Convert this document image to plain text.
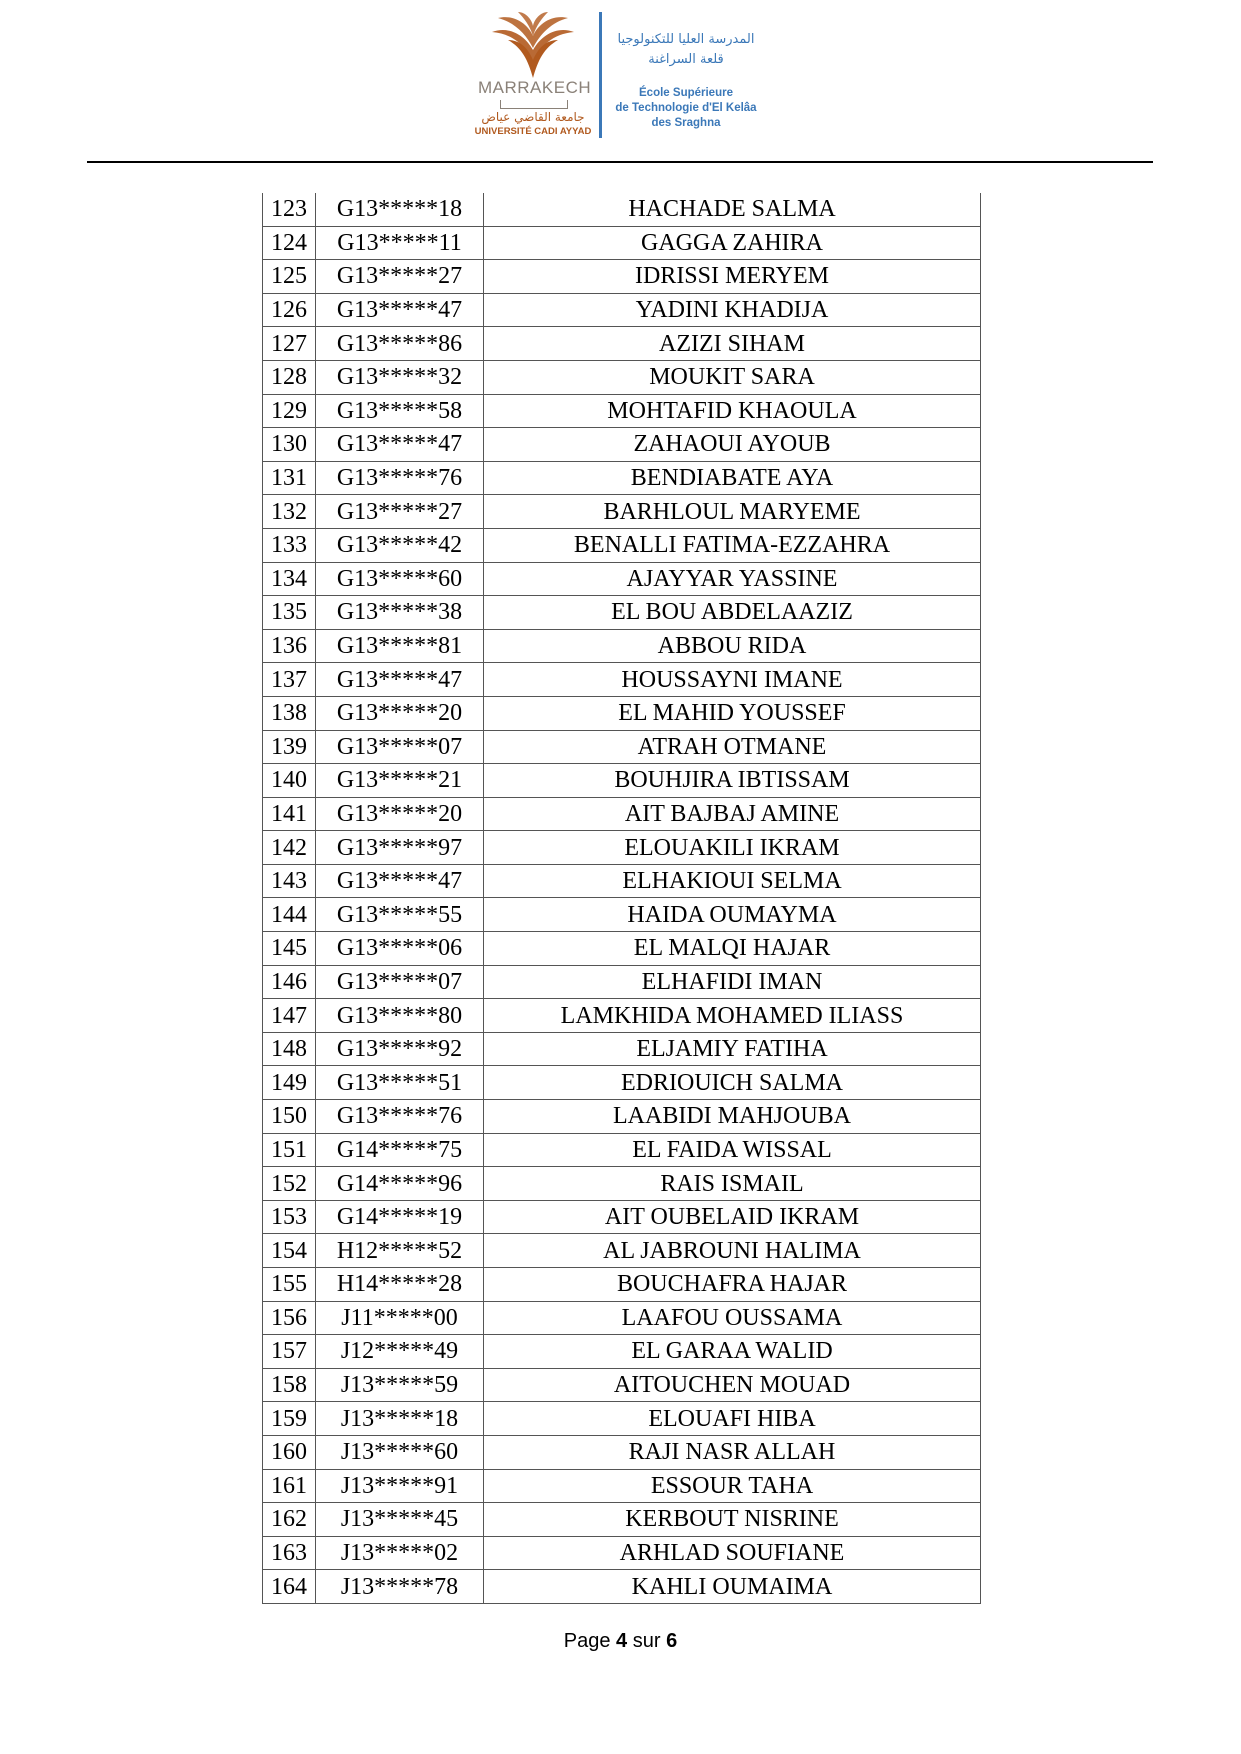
MARRAKECH
جامعة القاضي عياض
UNIVERSITÉ CADI AYYAD
المدرسة العليا للتكنولوجيا
قلعة السراغنة
École Supérieure
de Technologie d'El Kelâa
des Sraghna
123	G13*****18	HACHADE SALMA
124	G13*****11	GAGGA ZAHIRA
125	G13*****27	IDRISSI MERYEM
126	G13*****47	YADINI KHADIJA
127	G13*****86	AZIZI SIHAM
128	G13*****32	MOUKIT SARA
129	G13*****58	MOHTAFID KHAOULA
130	G13*****47	ZAHAOUI AYOUB
131	G13*****76	BENDIABATE AYA
132	G13*****27	BARHLOUL MARYEME
133	G13*****42	BENALLI FATIMA-EZZAHRA
134	G13*****60	AJAYYAR YASSINE
135	G13*****38	EL BOU ABDELAAZIZ
136	G13*****81	ABBOU RIDA
137	G13*****47	HOUSSAYNI IMANE
138	G13*****20	EL MAHID YOUSSEF
139	G13*****07	ATRAH OTMANE
140	G13*****21	BOUHJIRA IBTISSAM
141	G13*****20	AIT BAJBAJ AMINE
142	G13*****97	ELOUAKILI IKRAM
143	G13*****47	ELHAKIOUI SELMA
144	G13*****55	HAIDA OUMAYMA
145	G13*****06	EL MALQI HAJAR
146	G13*****07	ELHAFIDI IMAN
147	G13*****80	LAMKHIDA MOHAMED ILIASS
148	G13*****92	ELJAMIY FATIHA
149	G13*****51	EDRIOUICH SALMA
150	G13*****76	LAABIDI MAHJOUBA
151	G14*****75	EL FAIDA WISSAL
152	G14*****96	RAIS ISMAIL
153	G14*****19	AIT OUBELAID IKRAM
154	H12*****52	AL JABROUNI HALIMA
155	H14*****28	BOUCHAFRA HAJAR
156	J11*****00	LAAFOU OUSSAMA
157	J12*****49	EL GARAA WALID
158	J13*****59	AITOUCHEN MOUAD
159	J13*****18	ELOUAFI HIBA
160	J13*****60	RAJI NASR ALLAH
161	J13*****91	ESSOUR TAHA
162	J13*****45	KERBOUT NISRINE
163	J13*****02	ARHLAD SOUFIANE
164	J13*****78	KAHLI OUMAIMA
Page 4 sur 6
